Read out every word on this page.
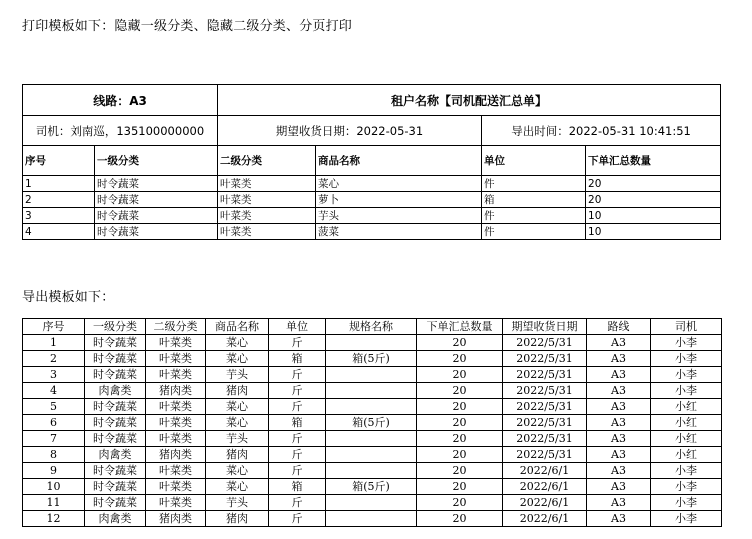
打印模板如下：隐藏一级分类、隐藏二级分类、分页打印
线路：A3		租户名称【司机配送汇总单】			
司机：刘南巡，135100000000		期望收货日期：2022-05-31		导出时间：2022-05-31 10:41:51	
序号	一级分类	二级分类	商品名称	单位	下单汇总数量
1	时令蔬菜	叶菜类	菜心	件	20
2	时令蔬菜	叶菜类	萝卜	箱	20
3	时令蔬菜	叶菜类	芋头	件	10
4	时令蔬菜	叶菜类	菠菜	件	10
导出模板如下：
序号	一级分类	二级分类	商品名称	单位	规格名称	下单汇总数量	期望收货日期	路线	司机
1	时令蔬菜	叶菜类	菜心	斤		20	2022/5/31	A3	小李
2	时令蔬菜	叶菜类	菜心	箱	箱(5斤)	20	2022/5/31	A3	小李
3	时令蔬菜	叶菜类	芋头	斤		20	2022/5/31	A3	小李
4	肉禽类	猪肉类	猪肉	斤		20	2022/5/31	A3	小李
5	时令蔬菜	叶菜类	菜心	斤		20	2022/5/31	A3	小红
6	时令蔬菜	叶菜类	菜心	箱	箱(5斤)	20	2022/5/31	A3	小红
7	时令蔬菜	叶菜类	芋头	斤		20	2022/5/31	A3	小红
8	肉禽类	猪肉类	猪肉	斤		20	2022/5/31	A3	小红
9	时令蔬菜	叶菜类	菜心	斤		20	2022/6/1	A3	小李
10	时令蔬菜	叶菜类	菜心	箱	箱(5斤)	20	2022/6/1	A3	小李
11	时令蔬菜	叶菜类	芋头	斤		20	2022/6/1	A3	小李
12	肉禽类	猪肉类	猪肉	斤		20	2022/6/1	A3	小李
